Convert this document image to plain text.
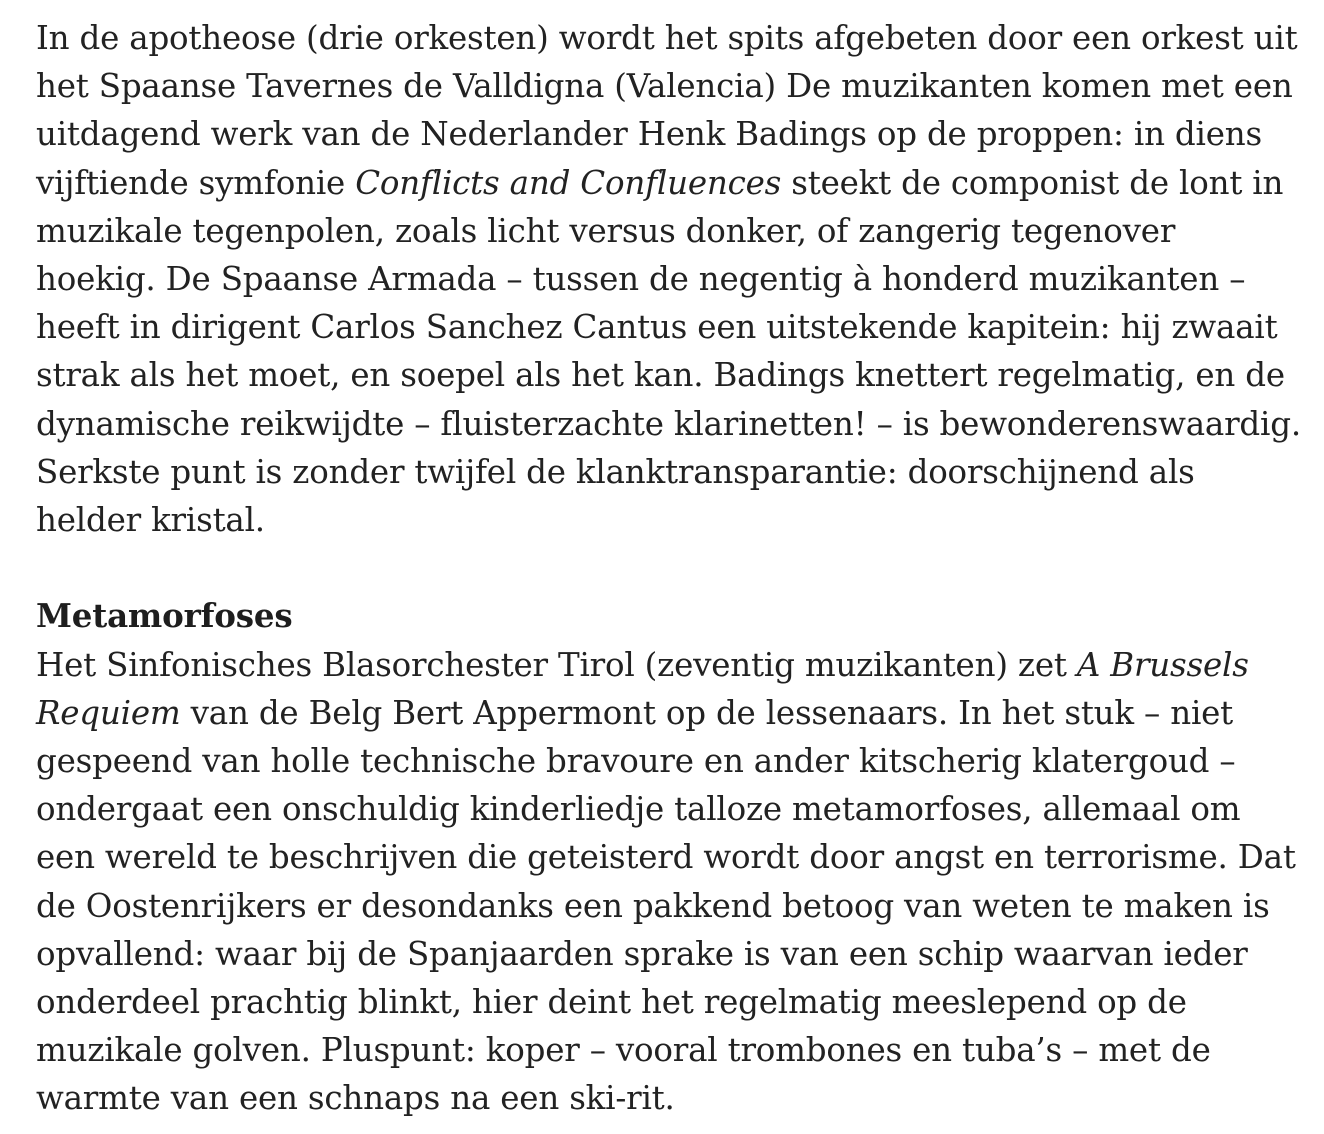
In de apotheose (drie orkesten) wordt het spits afgebeten door een orkest uit het Spaanse Tavernes de Valldigna (Valencia) De muzikanten komen met een uitdagend werk van de Nederlander Henk Badings op de proppen: in diens vijftiende symfonie Conflicts and Confluences steekt de componist de lont in muzikale tegenpolen, zoals licht versus donker, of zangerig tegenover hoekig. De Spaanse Armada – tussen de negentig à honderd muzikanten – heeft in dirigent Carlos Sanchez Cantus een uitstekende kapitein: hij zwaait strak als het moet, en soepel als het kan. Badings knettert regelmatig, en de dynamische reikwijdte – fluisterzachte klarinetten! – is bewonderenswaardig. Serkste punt is zonder twijfel de klanktransparantie: doorschijnend als helder kristal.

Metamorfoses

Het Sinfonisches Blasorchester Tirol (zeventig muzikanten) zet A Brussels Requiem van de Belg Bert Appermont op de lessenaars. In het stuk – niet gespeend van holle technische bravoure en ander kitscherig klatergoud – ondergaat een onschuldig kinderliedje talloze metamorfoses, allemaal om een wereld te beschrijven die geteisterd wordt door angst en terrorisme. Dat de Oostenrijkers er desondanks een pakkend betoog van weten te maken is opvallend: waar bij de Spanjaarden sprake is van een schip waarvan ieder onderdeel prachtig blinkt, hier deint het regelmatig meeslepend op de muzikale golven. Pluspunt: koper – vooral trombones en tuba’s – met de warmte van een schnaps na een ski-rit.
